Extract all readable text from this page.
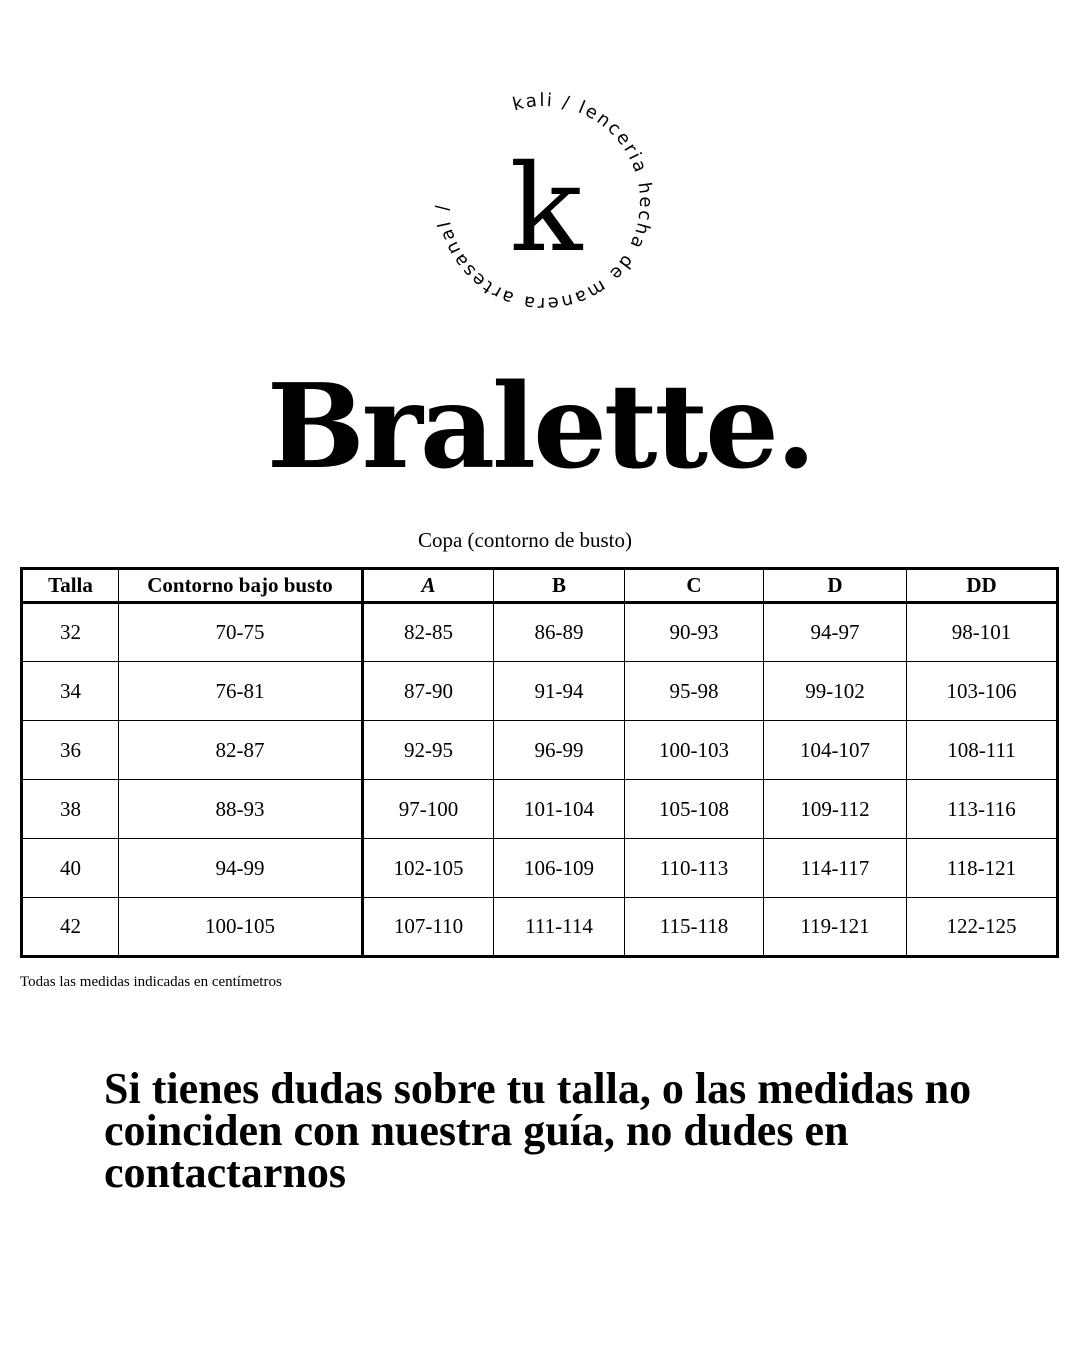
kali / lenceria hecha de manera artesanal / k
Bralette.
Copa (contorno de busto)
Talla	Contorno bajo busto	A	B	C	D	DD
32	70-75	82-85	86-89	90-93	94-97	98-101
34	76-81	87-90	91-94	95-98	99-102	103-106
36	82-87	92-95	96-99	100-103	104-107	108-111
38	88-93	97-100	101-104	105-108	109-112	113-116
40	94-99	102-105	106-109	110-113	114-117	118-121
42	100-105	107-110	111-114	115-118	119-121	122-125
Todas las medidas indicadas en centímetros
Si tienes dudas sobre tu talla, o las medidas no coinciden con nuestra guía, no dudes en contactarnos
